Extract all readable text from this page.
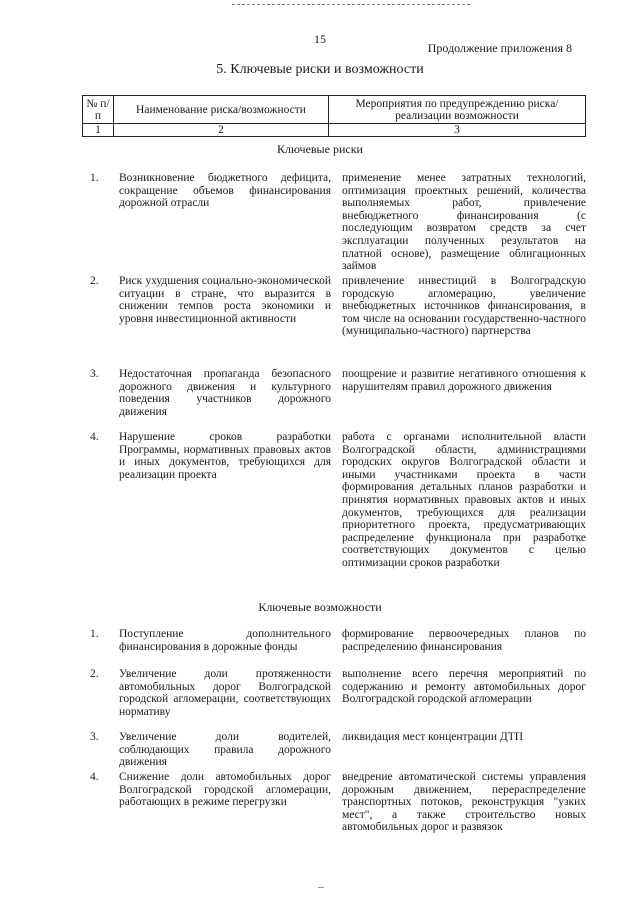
15
Продолжение приложения 8
5. Ключевые риски и возможности
№ п/п	Наименование риска/возможности	Мероприятия по предупреждению риска/ реализации возможности
1	2	3
Ключевые риски
1. Возникновение бюджетного дефицита, сокращение объемов финансирования дорожной отрасли
применение менее затратных технологий, оптимизация проектных решений, количества выполняемых работ, привлечение внебюджетного финансирования (с последующим возвратом средств за счет эксплуатации полученных результатов на платной основе), размещение облигационных займов
2. Риск ухудшения социально-экономической ситуации в стране, что выразится в снижении темпов роста экономики и уровня инвестиционной активности
привлечение инвестиций в Волгоградскую городскую агломерацию, увеличение внебюджетных источников финансирования, в том числе на основании государственно-частного (муниципально-частного) партнерства
3. Недостаточная пропаганда безопасного дорожного движения и культурного поведения участников дорожного движения
поощрение и развитие негативного отношения к нарушителям правил дорожного движения
4. Нарушение сроков разработки Программы, нормативных правовых актов и иных документов, требующихся для реализации проекта
работа с органами исполнительной власти Волгоградской области, администрациями городских округов Волгоградской области и иными участниками проекта в части формирования детальных планов разработки и принятия нормативных правовых актов и иных документов, требующихся для реализации приоритетного проекта, предусматривающих распределение функционала при разработке соответствующих документов с целью оптимизации сроков разработки
Ключевые возможности
1. Поступление дополнительного финансирования в дорожные фонды
формирование первоочередных планов по распределению финансирования
2. Увеличение доли протяженности автомобильных дорог Волгоградской городской агломерации, соответствующих нормативу
выполнение всего перечня мероприятий по содержанию и ремонту автомобильных дорог Волгоградской городской агломерации
3. Увеличение доли водителей, соблюдающих правила дорожного движения
ликвидация мест концентрации ДТП
4. Снижение доли автомобильных дорог Волгоградской городской агломерации, работающих в режиме перегрузки
внедрение автоматической системы управления дорожным движением, перераспределение транспортных потоков, реконструкция "узких мест", а также строительство новых автомобильных дорог и развязок
